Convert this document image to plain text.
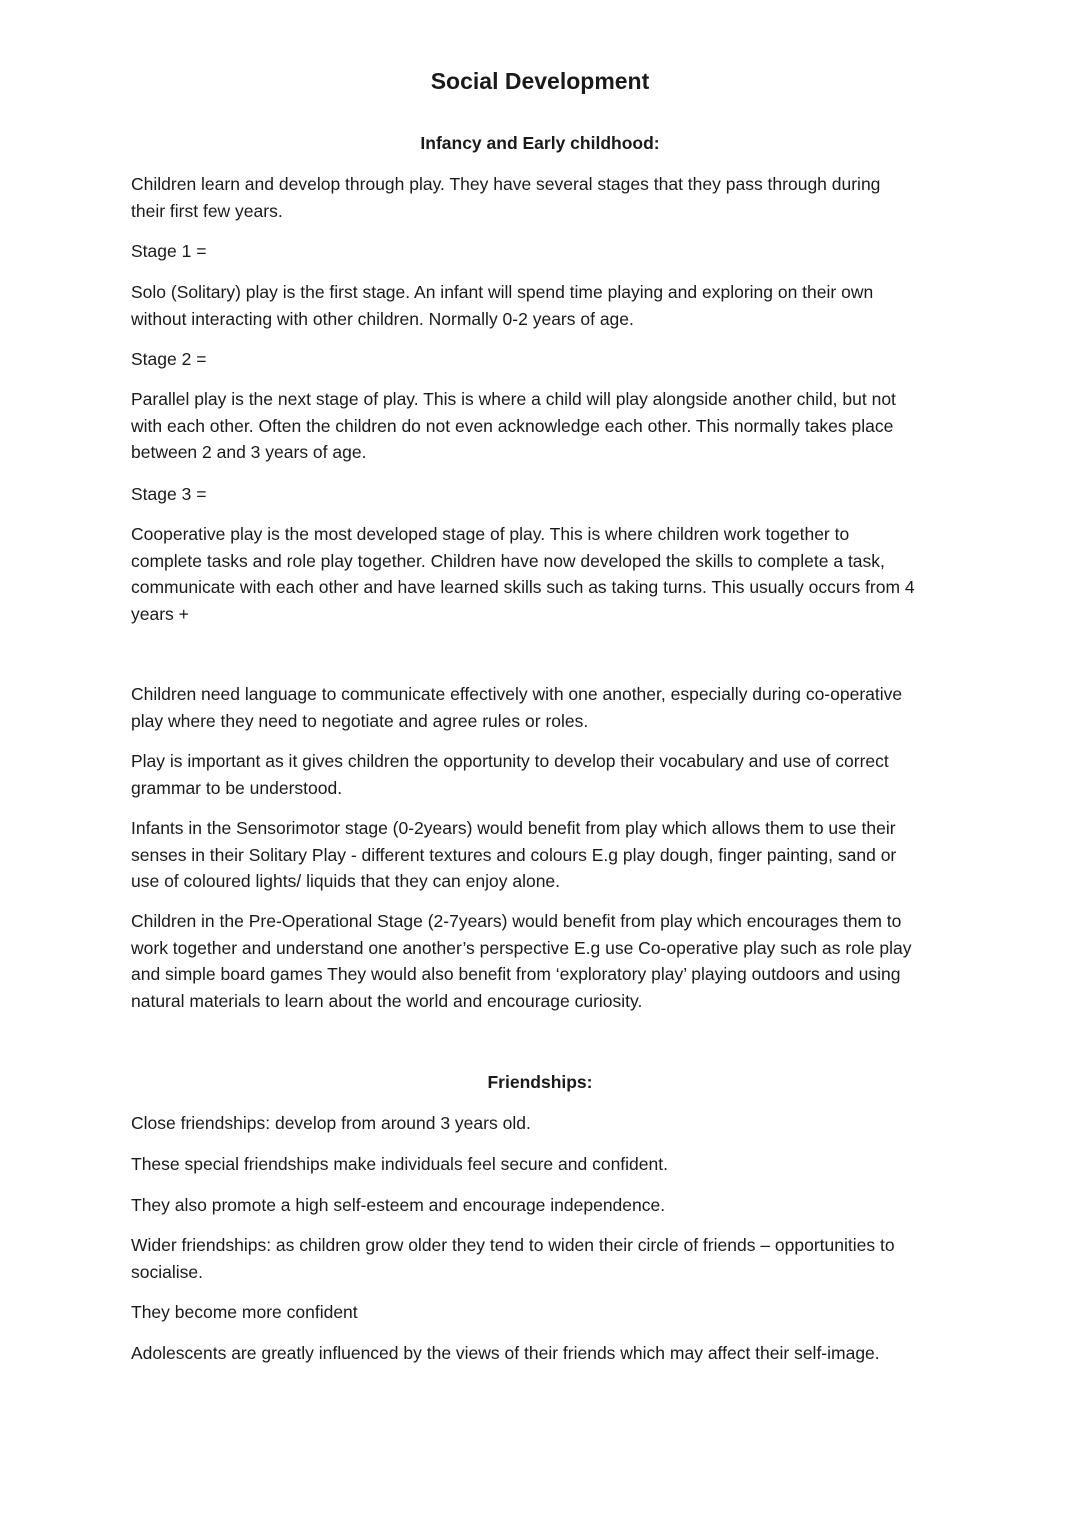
Social Development
Infancy and Early childhood:

Children learn and develop through play. They have several stages that they pass through during
their first few years.

Stage 1 =

Solo (Solitary) play is the first stage. An infant will spend time playing and exploring on their own
without interacting with other children. Normally 0-2 years of age.

Stage 2 =

Parallel play is the next stage of play. This is where a child will play alongside another child, but not
with each other. Often the children do not even acknowledge each other. This normally takes place
between 2 and 3 years of age.

Stage 3 =

Cooperative play is the most developed stage of play. This is where children work together to
complete tasks and role play together. Children have now developed the skills to complete a task,
communicate with each other and have learned skills such as taking turns. This usually occurs from 4
years +

Children need language to communicate effectively with one another, especially during co-operative
play where they need to negotiate and agree rules or roles.

Play is important as it gives children the opportunity to develop their vocabulary and use of correct
grammar to be understood.

Infants in the Sensorimotor stage (0-2years) would benefit from play which allows them to use their
senses in their Solitary Play - different textures and colours E.g play dough, finger painting, sand or
use of coloured lights/ liquids that they can enjoy alone.

Children in the Pre-Operational Stage (2-7years) would benefit from play which encourages them to
work together and understand one another’s perspective E.g use Co-operative play such as role play
and simple board games They would also benefit from ‘exploratory play’ playing outdoors and using
natural materials to learn about the world and encourage curiosity.

Friendships:

Close friendships: develop from around 3 years old.

These special friendships make individuals feel secure and confident.

They also promote a high self-esteem and encourage independence.

Wider friendships: as children grow older they tend to widen their circle of friends – opportunities to
socialise.

They become more confident

Adolescents are greatly influenced by the views of their friends which may affect their self-image.
